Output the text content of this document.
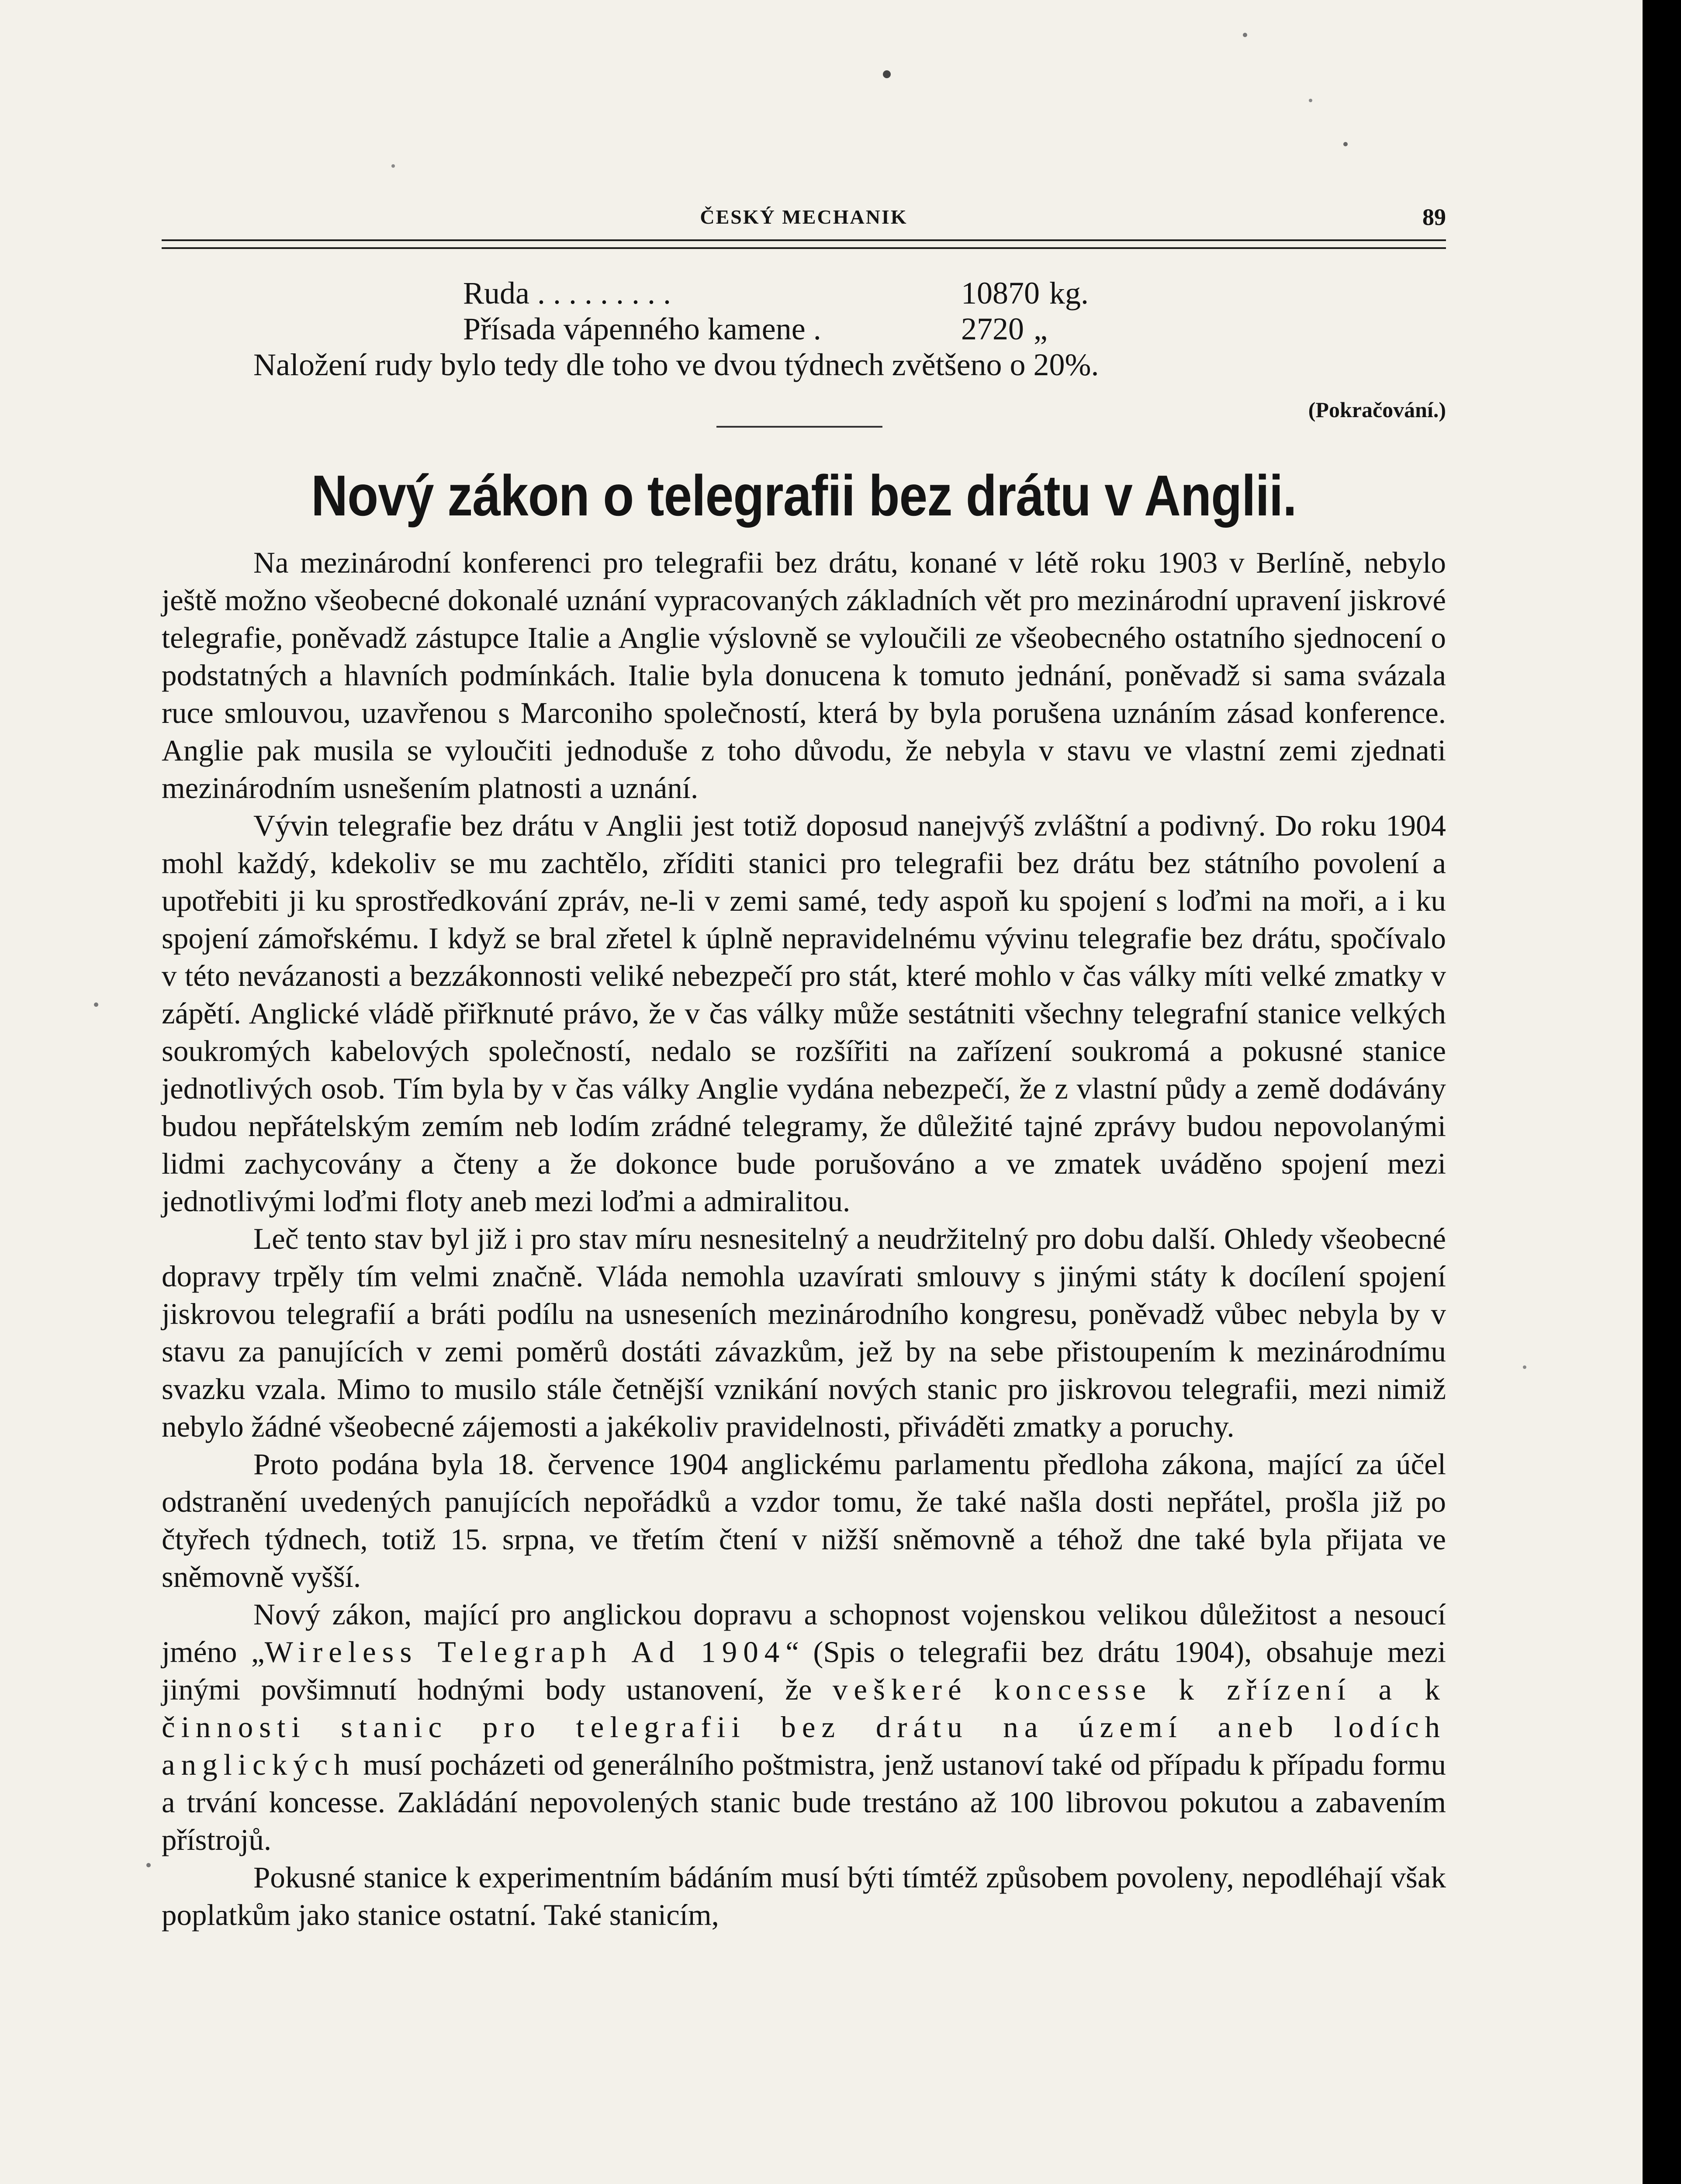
ČESKÝ MECHANIK	89
Ruda . . . . . . . . .	10870 kg.
Přísada vápenného kamene .	2720 „
Naložení rudy bylo tedy dle toho ve dvou týdnech zvětšeno o 20%.
(Pokračování.)
Nový zákon o telegrafii bez drátu v Anglii.

Na mezinárodní konferenci pro telegrafii bez drátu, konané v létě roku 1903 v Berlíně, nebylo ještě možno všeobecné dokonalé uznání vypracovaných základních vět pro mezinárodní upravení jiskrové telegrafie, poněvadž zástupce Italie a Anglie výslovně se vyloučili ze všeobecného ostatního sjednocení o podstatných a hlavních podmínkách. Italie byla donucena k tomuto jednání, poněvadž si sama svázala ruce smlouvou, uzavřenou s Marconiho společností, která by byla porušena uznáním zásad konference. Anglie pak musila se vyloučiti jednoduše z toho důvodu, že nebyla v stavu ve vlastní zemi zjednati mezinárodním usnešením platnosti a uznání.

Vývin telegrafie bez drátu v Anglii jest totiž doposud nanejvýš zvláštní a podivný. Do roku 1904 mohl každý, kdekoliv se mu zachtělo, zříditi stanici pro telegrafii bez drátu bez státního povolení a upotřebiti ji ku sprostředkování zpráv, ne-li v zemi samé, tedy aspoň ku spojení s loďmi na moři, a i ku spojení zámořskému. I když se bral zřetel k úplně nepravidelnému vývinu telegrafie bez drátu, spočívalo v této nevázanosti a bezzákonnosti veliké nebezpečí pro stát, které mohlo v čas války míti velké zmatky v zápětí. Anglické vládě přiřknuté právo, že v čas války může sestátniti všechny telegrafní stanice velkých soukromých kabelových společností, nedalo se rozšířiti na zařízení soukromá a pokusné stanice jednotlivých osob. Tím byla by v čas války Anglie vydána nebezpečí, že z vlastní půdy a země dodávány budou nepřátelským zemím neb lodím zrádné telegramy, že důležité tajné zprávy budou nepovolanými lidmi zachycovány a čteny a že dokonce bude porušováno a ve zmatek uváděno spojení mezi jednotlivými loďmi floty aneb mezi loďmi a admiralitou.

Leč tento stav byl již i pro stav míru nesnesitelný a neudržitelný pro dobu další. Ohledy všeobecné dopravy trpěly tím velmi značně. Vláda nemohla uzavírati smlouvy s jinými státy k docílení spojení jiskrovou telegrafií a bráti podílu na usneseních mezinárodního kongresu, poněvadž vůbec nebyla by v stavu za panujících v zemi poměrů dostáti závazkům, jež by na sebe přistoupením k mezinárodnímu svazku vzala. Mimo to musilo stále četnější vznikání nových stanic pro jiskrovou telegrafii, mezi nimiž nebylo žádné všeobecné zájemosti a jakékoliv pravidelnosti, přiváděti zmatky a poruchy.

Proto podána byla 18. července 1904 anglickému parlamentu předloha zákona, mající za účel odstranění uvedených panujících nepořádků a vzdor tomu, že také našla dosti nepřátel, prošla již po čtyřech týdnech, totiž 15. srpna, ve třetím čtení v nižší sněmovně a téhož dne také byla přijata ve sněmovně vyšší.

Nový zákon, mající pro anglickou dopravu a schopnost vojenskou velikou důležitost a nesoucí jméno „Wireless Telegraph Ad 1904“ (Spis o telegrafii bez drátu 1904), obsahuje mezi jinými povšimnutí hodnými body ustanovení, že veškeré koncesse k zřízení a k činnosti stanic pro telegrafii bez drátu na území aneb lodích anglických musí pocházeti od generálního poštmistra, jenž ustanoví také od případu k případu formu a trvání koncesse. Zakládání nepovolených stanic bude trestáno až 100 librovou pokutou a zabavením přístrojů.

Pokusné stanice k experimentním bádáním musí býti tímtéž způsobem povoleny, nepodléhají však poplatkům jako stanice ostatní. Také stanicím,
